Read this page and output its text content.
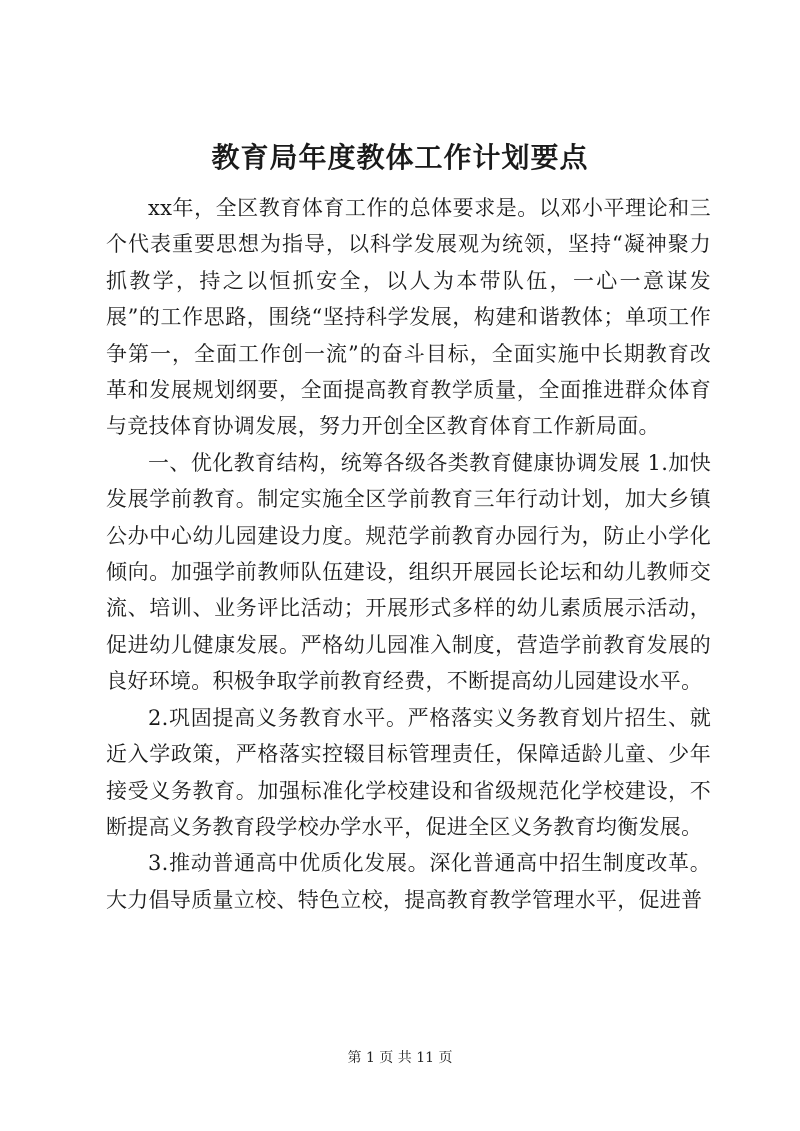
教育局年度教体工作计划要点

xx年，全区教育体育工作的总体要求是。以邓小平理论和三个代表重要思想为指导，以科学发展观为统领，坚持“凝神聚力抓教学，持之以恒抓安全，以人为本带队伍，一心一意谋发展”的工作思路，围绕“坚持科学发展，构建和谐教体；单项工作争第一，全面工作创一流”的奋斗目标，全面实施中长期教育改革和发展规划纲要，全面提高教育教学质量，全面推进群众体育与竞技体育协调发展，努力开创全区教育体育工作新局面。

一、优化教育结构，统筹各级各类教育健康协调发展 1.加快发展学前教育。制定实施全区学前教育三年行动计划，加大乡镇公办中心幼儿园建设力度。规范学前教育办园行为，防止小学化倾向。加强学前教师队伍建设，组织开展园长论坛和幼儿教师交流、培训、业务评比活动；开展形式多样的幼儿素质展示活动，促进幼儿健康发展。严格幼儿园准入制度，营造学前教育发展的良好环境。积极争取学前教育经费，不断提高幼儿园建设水平。

2.巩固提高义务教育水平。严格落实义务教育划片招生、就近入学政策，严格落实控辍目标管理责任，保障适龄儿童、少年接受义务教育。加强标准化学校建设和省级规范化学校建设，不断提高义务教育段学校办学水平，促进全区义务教育均衡发展。

3.推动普通高中优质化发展。深化普通高中招生制度改革。大力倡导质量立校、特色立校，提高教育教学管理水平，促进普

第 1 页 共 11 页
